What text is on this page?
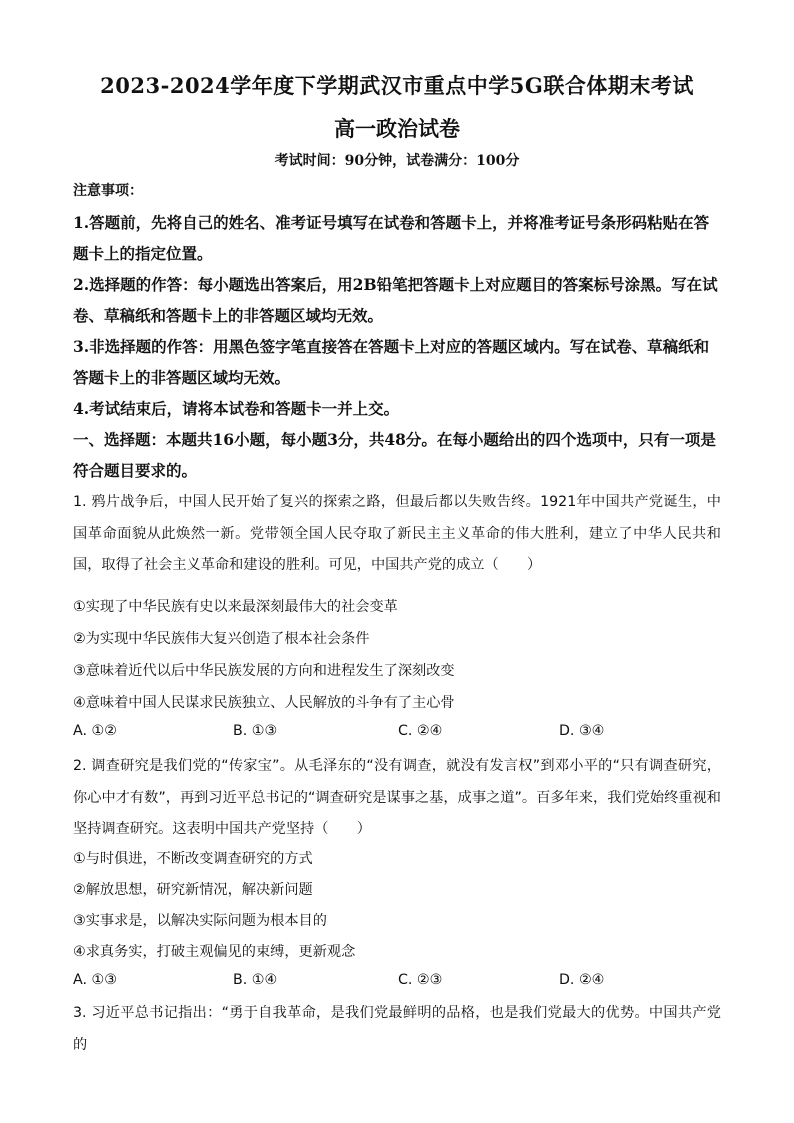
2023-2024学年度下学期武汉市重点中学5G联合体期末考试
高一政治试卷
考试时间：90分钟，试卷满分：100分
注意事项：
1.答题前，先将自己的姓名、准考证号填写在试卷和答题卡上，并将准考证号条形码粘贴在答题卡上的指定位置。
2.选择题的作答：每小题选出答案后，用2B铅笔把答题卡上对应题目的答案标号涂黑。写在试卷、草稿纸和答题卡上的非答题区域均无效。
3.非选择题的作答：用黑色签字笔直接答在答题卡上对应的答题区域内。写在试卷、草稿纸和答题卡上的非答题区域均无效。
4.考试结束后，请将本试卷和答题卡一并上交。
一、选择题：本题共16小题，每小题3分，共48分。在每小题给出的四个选项中，只有一项是符合题目要求的。
1. 鸦片战争后，中国人民开始了复兴的探索之路，但最后都以失败告终。1921年中国共产党诞生，中国革命面貌从此焕然一新。党带领全国人民夺取了新民主主义革命的伟大胜利，建立了中华人民共和国，取得了社会主义革命和建设的胜利。可见，中国共产党的成立（　　）
①实现了中华民族有史以来最深刻最伟大的社会变革
②为实现中华民族伟大复兴创造了根本社会条件
③意味着近代以后中华民族发展的方向和进程发生了深刻改变
④意味着中国人民谋求民族独立、人民解放的斗争有了主心骨
A. ①②	B. ①③	C. ②④	D. ③④
2. 调查研究是我们党的“传家宝”。从毛泽东的“没有调查，就没有发言权”到邓小平的“只有调查研究，你心中才有数”，再到习近平总书记的“调查研究是谋事之基，成事之道”。百多年来，我们党始终重视和坚持调查研究。这表明中国共产党坚持（　　）
①与时俱进，不断改变调查研究的方式
②解放思想，研究新情况，解决新问题
③实事求是，以解决实际问题为根本目的
④求真务实，打破主观偏见的束缚，更新观念
A. ①③	B. ①④	C. ②③	D. ②④
3. 习近平总书记指出：“勇于自我革命，是我们党最鲜明的品格，也是我们党最大的优势。中国共产党的
